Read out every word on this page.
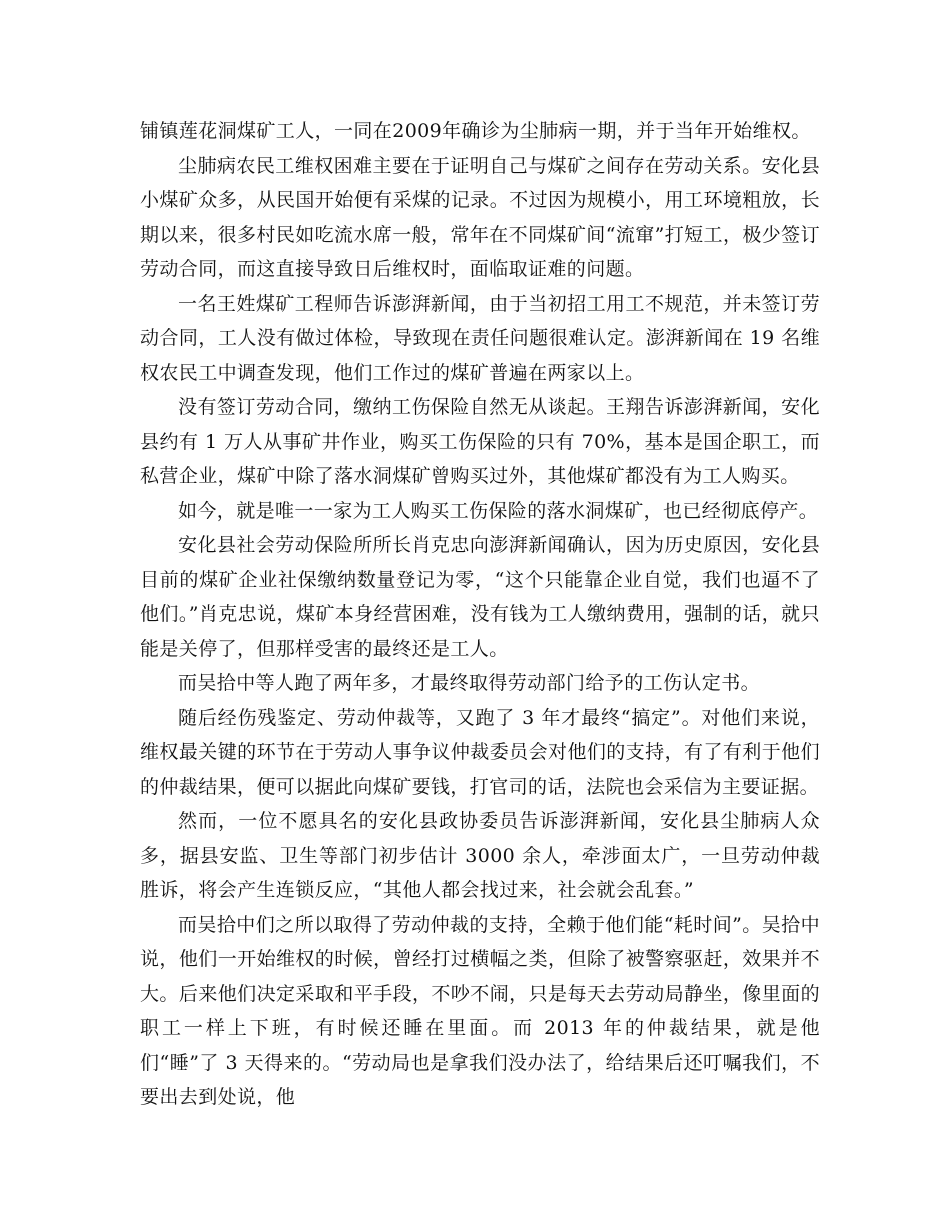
铺镇莲花洞煤矿工人，一同在2009年确诊为尘肺病一期，并于当年开始维权。

尘肺病农民工维权困难主要在于证明自己与煤矿之间存在劳动关系。安化县小煤矿众多，从民国开始便有采煤的记录。不过因为规模小，用工环境粗放，长期以来，很多村民如吃流水席一般，常年在不同煤矿间“流窜”打短工，极少签订劳动合同，而这直接导致日后维权时，面临取证难的问题。

一名王姓煤矿工程师告诉澎湃新闻，由于当初招工用工不规范，并未签订劳动合同，工人没有做过体检，导致现在责任问题很难认定。澎湃新闻在 19 名维权农民工中调查发现，他们工作过的煤矿普遍在两家以上。

没有签订劳动合同，缴纳工伤保险自然无从谈起。王翔告诉澎湃新闻，安化县约有 1 万人从事矿井作业，购买工伤保险的只有 70%，基本是国企职工，而私营企业，煤矿中除了落水洞煤矿曾购买过外，其他煤矿都没有为工人购买。

如今，就是唯一一家为工人购买工伤保险的落水洞煤矿，也已经彻底停产。

安化县社会劳动保险所所长肖克忠向澎湃新闻确认，因为历史原因，安化县目前的煤矿企业社保缴纳数量登记为零，“这个只能靠企业自觉，我们也逼不了他们。”肖克忠说，煤矿本身经营困难，没有钱为工人缴纳费用，强制的话，就只能是关停了，但那样受害的最终还是工人。

而吴拾中等人跑了两年多，才最终取得劳动部门给予的工伤认定书。

随后经伤残鉴定、劳动仲裁等，又跑了 3 年才最终“搞定”。对他们来说，维权最关键的环节在于劳动人事争议仲裁委员会对他们的支持，有了有利于他们的仲裁结果，便可以据此向煤矿要钱，打官司的话，法院也会采信为主要证据。

然而，一位不愿具名的安化县政协委员告诉澎湃新闻，安化县尘肺病人众多，据县安监、卫生等部门初步估计 3000 余人，牵涉面太广，一旦劳动仲裁胜诉，将会产生连锁反应，“其他人都会找过来，社会就会乱套。”

而吴拾中们之所以取得了劳动仲裁的支持，全赖于他们能“耗时间”。吴拾中说，他们一开始维权的时候，曾经打过横幅之类，但除了被警察驱赶，效果并不大。后来他们决定采取和平手段，不吵不闹，只是每天去劳动局静坐，像里面的职工一样上下班，有时候还睡在里面。而 2013 年的仲裁结果，就是他们“睡”了 3 天得来的。“劳动局也是拿我们没办法了，给结果后还叮嘱我们，不要出去到处说，他
